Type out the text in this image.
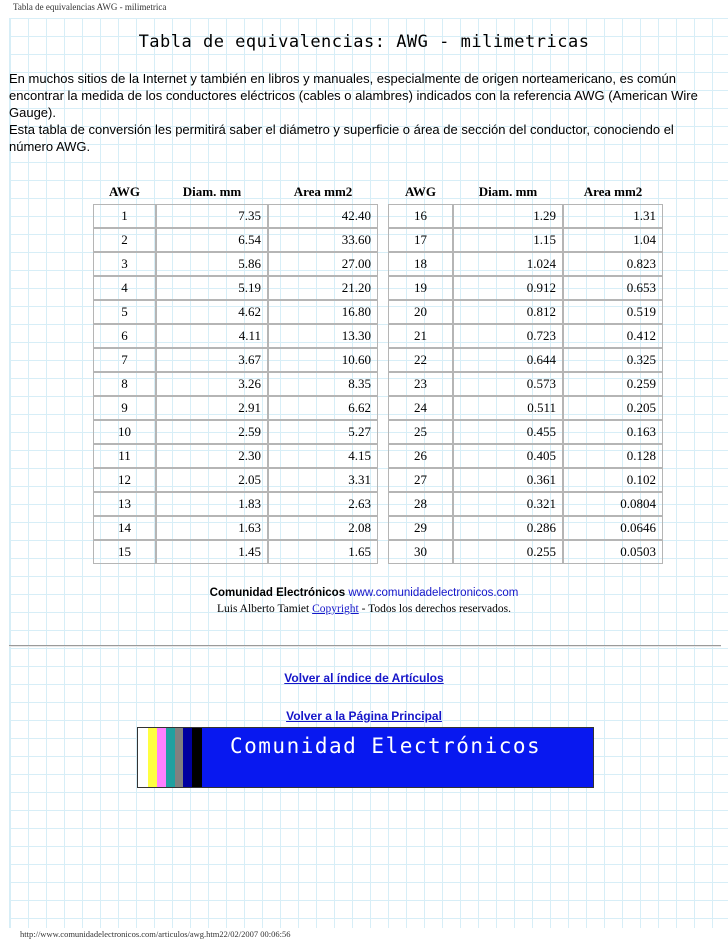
Tabla de equivalencias AWG - milimetrica
Tabla de equivalencias: AWG - milimetricas

En muchos sitios de la Internet y también en libros y manuales, especialmente de origen norteamericano, es común encontrar la medida de los conductores eléctricos (cables o alambres) indicados con la referencia AWG (American Wire Gauge).

Esta tabla de conversión les permitirá saber el diámetro y superficie o área de sección del conductor, conociendo el número AWG.

AWG	Diam. mm	Area mm2		AWG	Diam. mm	Area mm2
1	7.35	42.40		16	1.29	1.31
2	6.54	33.60		17	1.15	1.04
3	5.86	27.00		18	1.024	0.823
4	5.19	21.20		19	0.912	0.653
5	4.62	16.80		20	0.812	0.519
6	4.11	13.30		21	0.723	0.412
7	3.67	10.60		22	0.644	0.325
8	3.26	8.35		23	0.573	0.259
9	2.91	6.62		24	0.511	0.205
10	2.59	5.27		25	0.455	0.163
11	2.30	4.15		26	0.405	0.128
12	2.05	3.31		27	0.361	0.102
13	1.83	2.63		28	0.321	0.0804
14	1.63	2.08		29	0.286	0.0646
15	1.45	1.65		30	0.255	0.0503
Comunidad Electrónicos www.comunidadelectronicos.com
Luis Alberto Tamiet Copyright - Todos los derechos reservados.
Volver al índice de Artículos
Volver a la Página Principal
Comunidad Electrónicos
http://www.comunidadelectronicos.com/articulos/awg.htm22/02/2007 00:06:56
